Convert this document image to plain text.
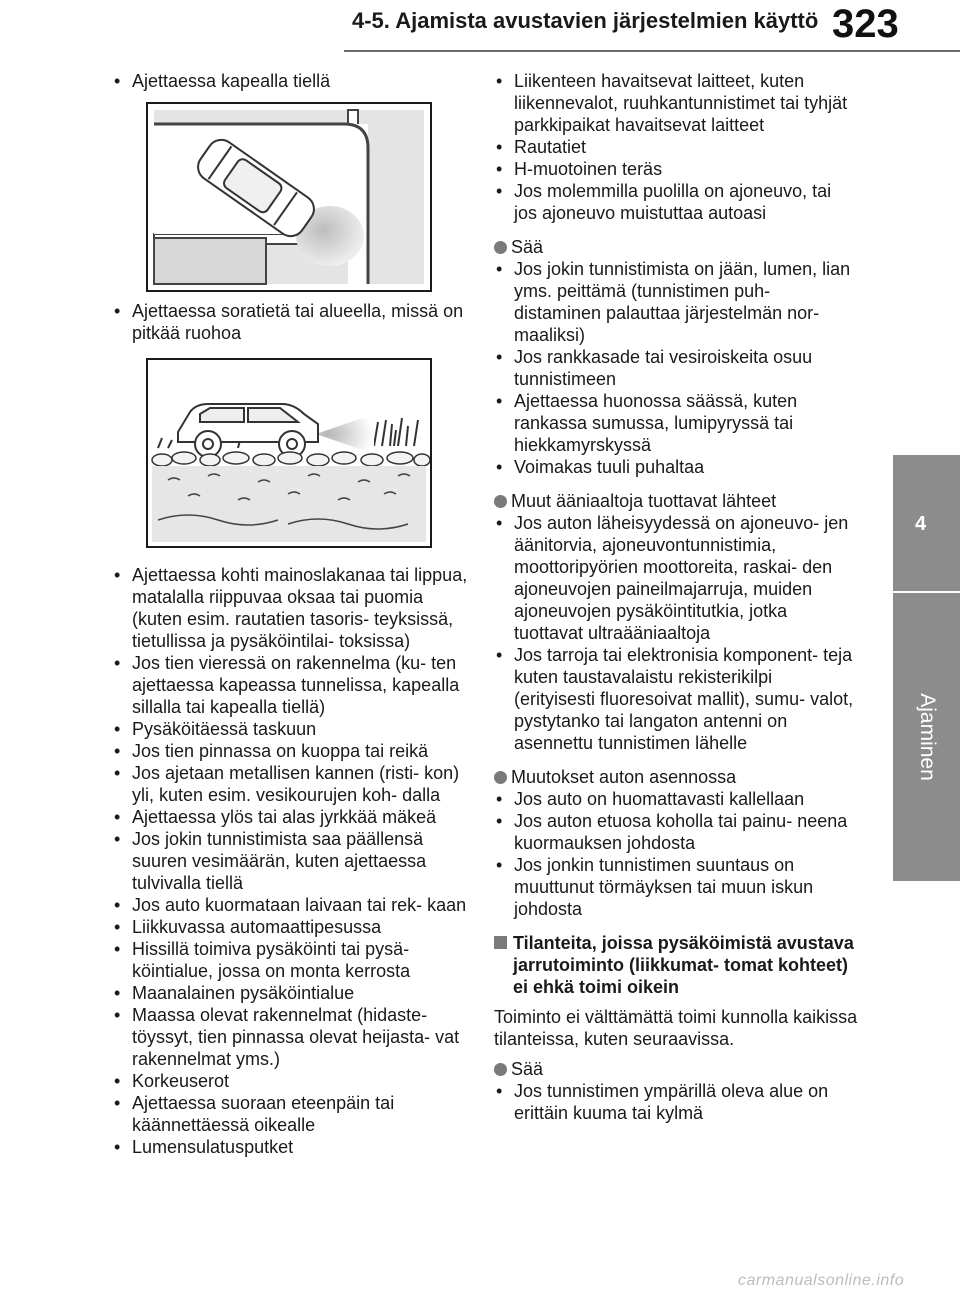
4-5. Ajamista avustavien järjestelmien käyttö 323
4
Ajaminen

• Ajettaessa kapealla tiellä

• Ajettaessa soratietä tai alueella, missä on pitkää ruohoa

• Ajettaessa kohti mainoslakanaa tai lippua, matalalla riippuvaa oksaa tai puomia (kuten esim. rautatien tasoris- teyksissä, tietullissa ja pysäköintilai- toksissa)

• Jos tien vieressä on rakennelma (ku- ten ajettaessa kapeassa tunnelissa, kapealla sillalla tai kapealla tiellä)

• Pysäköitäessä taskuun

• Jos tien pinnassa on kuoppa tai reikä

• Jos ajetaan metallisen kannen (risti- kon) yli, kuten esim. vesikourujen koh- dalla

• Ajettaessa ylös tai alas jyrkkää mäkeä

• Jos jokin tunnistimista saa päällensä suuren vesimäärän, kuten ajettaessa tulvivalla tiellä

• Jos auto kuormataan laivaan tai rek- kaan

• Liikkuvassa automaattipesussa

• Hissillä toimiva pysäköinti tai pysä- köintialue, jossa on monta kerrosta

• Maanalainen pysäköintialue

• Maassa olevat rakennelmat (hidaste- töyssyt, tien pinnassa olevat heijasta- vat rakennelmat yms.)

• Korkeuserot

• Ajettaessa suoraan eteenpäin tai käännettäessä oikealle

• Lumensulatusputket

• Liikenteen havaitsevat laitteet, kuten liikennevalot, ruuhkantunnistimet tai tyhjät parkkipaikat havaitsevat laitteet

• Rautatiet

• H-muotoinen teräs

• Jos molemmilla puolilla on ajoneuvo, tai jos ajoneuvo muistuttaa autoasi

Sää

• Jos jokin tunnistimista on jään, lumen, lian yms. peittämä (tunnistimen puh- distaminen palauttaa järjestelmän nor- maaliksi)

• Jos rankkasade tai vesiroiskeita osuu tunnistimeen

• Ajettaessa huonossa säässä, kuten rankassa sumussa, lumipyryssä tai hiekkamyrskyssä

• Voimakas tuuli puhaltaa

Muut ääniaaltoja tuottavat lähteet

• Jos auton läheisyydessä on ajoneuvo- jen äänitorvia, ajoneuvontunnistimia, moottoripyörien moottoreita, raskai- den ajoneuvojen paineilmajarruja, muiden ajoneuvojen pysäköintitutkia, jotka tuottavat ultraääniaaltoja

• Jos tarroja tai elektronisia komponent- teja kuten taustavalaistu rekisterikilpi (erityisesti fluoresoivat mallit), sumu- valot, pystytanko tai langaton antenni on asennettu tunnistimen lähelle

Muutokset auton asennossa

• Jos auto on huomattavasti kallellaan

• Jos auton etuosa koholla tai painu- neena kuormauksen johdosta

• Jos jonkin tunnistimen suuntaus on muuttunut törmäyksen tai muun iskun johdosta

Tilanteita, joissa pysäköimistä avustava jarrutoiminto (liikkumat- tomat kohteet) ei ehkä toimi oikein

Toiminto ei välttämättä toimi kunnolla kaikissa tilanteissa, kuten seuraavissa.

Sää

• Jos tunnistimen ympärillä oleva alue on erittäin kuuma tai kylmä

carmanualsonline.info
